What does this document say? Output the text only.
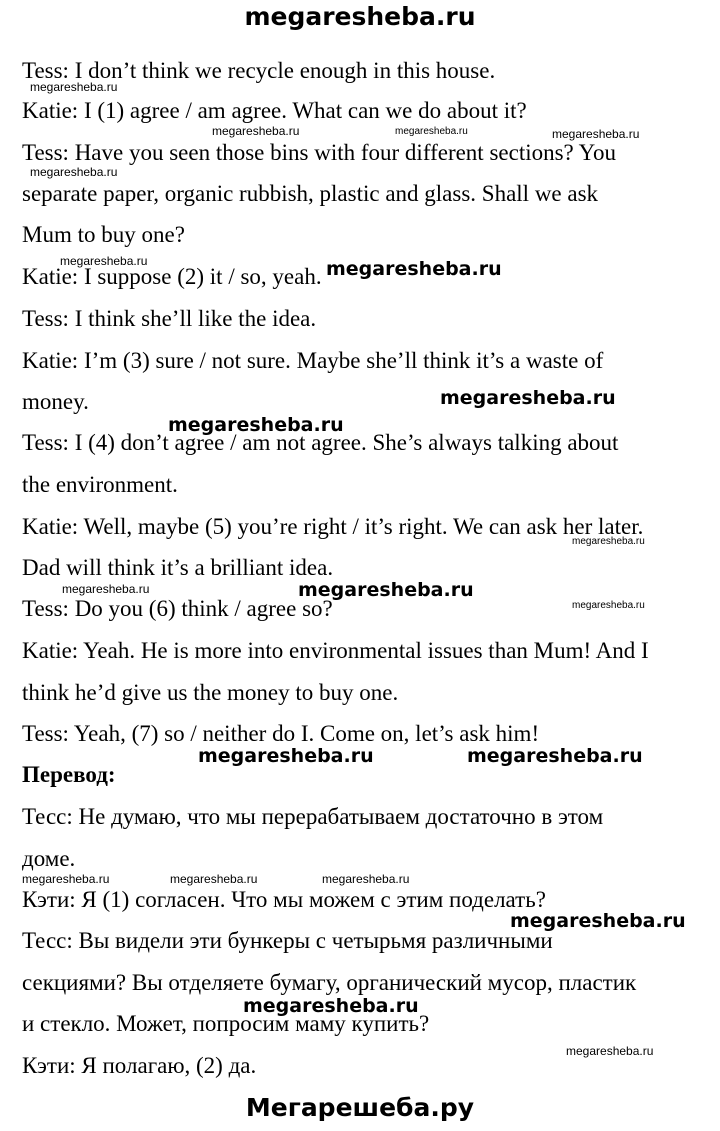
megaresheba.ru
Tess: I don’t think we recycle enough in this house.
Katie: I (1) agree / am agree. What can we do about it?
Tess: Have you seen those bins with four different sections? You
separate paper, organic rubbish, plastic and glass. Shall we ask
Mum to buy one?
Katie: I suppose (2) it / so, yeah.
Tess: I think she’ll like the idea.
Katie: I’m (3) sure / not sure. Maybe she’ll think it’s a waste of
money.
Tess: I (4) don’t agree / am not agree. She’s always talking about
the environment.
Katie: Well, maybe (5) you’re right / it’s right. We can ask her later.
Dad will think it’s a brilliant idea.
Tess: Do you (6) think / agree so?
Katie: Yeah. He is more into environmental issues than Mum! And I
think he’d give us the money to buy one.
Tess: Yeah, (7) so / neither do I. Come on, let’s ask him!
Перевод:
Тесс: Не думаю, что мы перерабатываем достаточно в этом
доме.
Кэти: Я (1) согласен. Что мы можем с этим поделать?
Тесс: Вы видели эти бункеры с четырьмя различными
секциями? Вы отделяете бумагу, органический мусор, пластик
и стекло. Может, попросим маму купить?
Кэти: Я полагаю, (2) да.
megaresheba.ru
megaresheba.ru	megaresheba.ru	megaresheba.ru
megaresheba.ru
megaresheba.ru
megaresheba.ru
megaresheba.ru
megaresheba.ru
megaresheba.ru	megaresheba.ru	megaresheba.ru
megaresheba.ru
megaresheba.ru
megaresheba.ru
megaresheba.ru
megaresheba.ru
megaresheba.ru	megaresheba.ru
megaresheba.ru
megaresheba.ru
Мегарешеба.ру
